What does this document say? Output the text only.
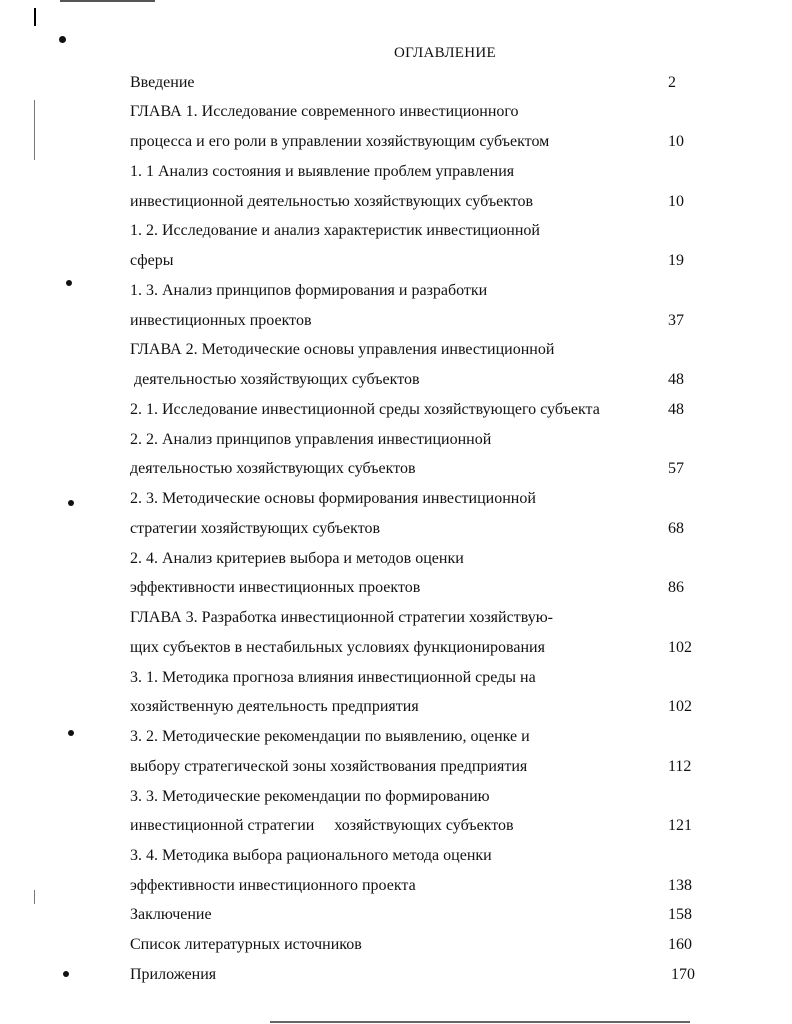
ОГЛАВЛЕНИЕ
Введение
ГЛАВА 1. Исследование современного инвестиционного
процесса и его роли в управлении хозяйствующим субъектом
1. 1 Анализ состояния и выявление проблем управления
инвестиционной деятельностью хозяйствующих субъектов
1. 2. Исследование и анализ характеристик инвестиционной
сферы
1. 3. Анализ принципов формирования и разработки
инвестиционных проектов
ГЛАВА 2. Методические основы управления инвестиционной
деятельностью хозяйствующих субъектов
2. 1. Исследование инвестиционной среды хозяйствующего субъекта
2. 2. Анализ принципов управления инвестиционной
деятельностью хозяйствующих субъектов
2. 3. Методические основы формирования инвестиционной
стратегии хозяйствующих субъектов
2. 4. Анализ критериев выбора и методов оценки
эффективности инвестиционных проектов
ГЛАВА 3. Разработка инвестиционной стратегии хозяйствую-
щих субъектов в нестабильных условиях функционирования
3. 1. Методика прогноза влияния инвестиционной среды на
хозяйственную деятельность предприятия
3. 2. Методические рекомендации по выявлению, оценке и
выбору стратегической зоны хозяйствования предприятия
3. 3. Методические рекомендации по формированию
инвестиционной стратегии     хозяйствующих субъектов
3. 4. Методика выбора рационального метода оценки
эффективности инвестиционного проекта
Заключение
Список литературных источников
Приложения
2
10
10
19
37
48
48
57
68
86
102
102
112
121
138
158
160
170
